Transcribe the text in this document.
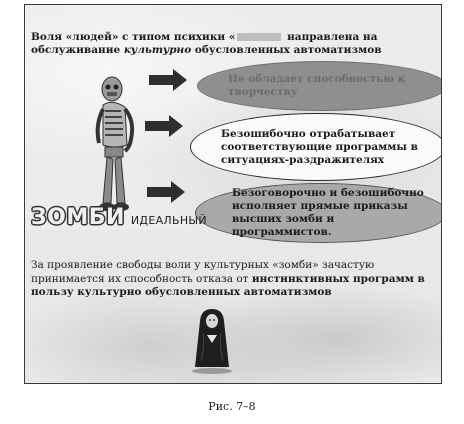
Воля «людей» с типом психики «	направлена на обслуживание культурно обусловленных автоматизмов
Не обладает способностью к творчеству
Безошибочно отрабатывает соответствующие программы в ситуациях-раздражителях
Безоговорочно и безошибочно исполняет прямые приказы высших зомби и программистов.
ЗОМБИ ИДЕАЛЬНЫЙ
За проявление свободы воли у культурных «зомби» зачастую принимается их способность отказа от инстинктивных программ в пользу культурно обусловленных автоматизмов
Рис. 7–8
